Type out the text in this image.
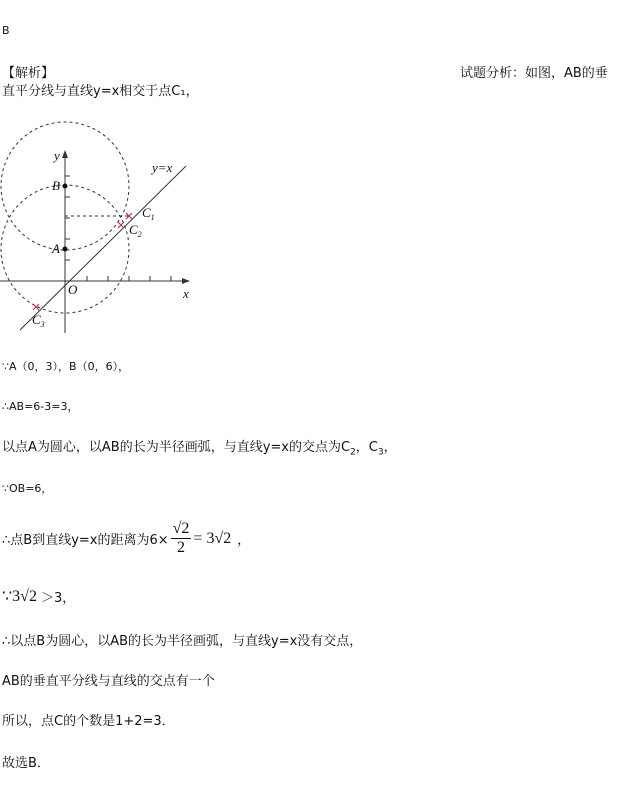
B
【解析】	试题分析：如图，AB的垂
直平分线与直线y=x相交于点C₁，
y
x
y=x
O
B
A
$C_1$
$C_2$
$C_3$
∵A（0，3），B（0，6），
∴AB=6-3=3，
以点A为圆心，以AB的长为半径画弧，与直线y=x的交点为$C_2$，$C_3$，
∵OB=6，
∴点B到直线y=x的距离为$6\times \frac{√2}{2} = 3√2$ ，
∵3√2 ＞3，
∴以点B为圆心，以AB的长为半径画弧，与直线y=x没有交点，
AB的垂直平分线与直线的交点有一个
所以，点C的个数是1+2=3．
故选B．
